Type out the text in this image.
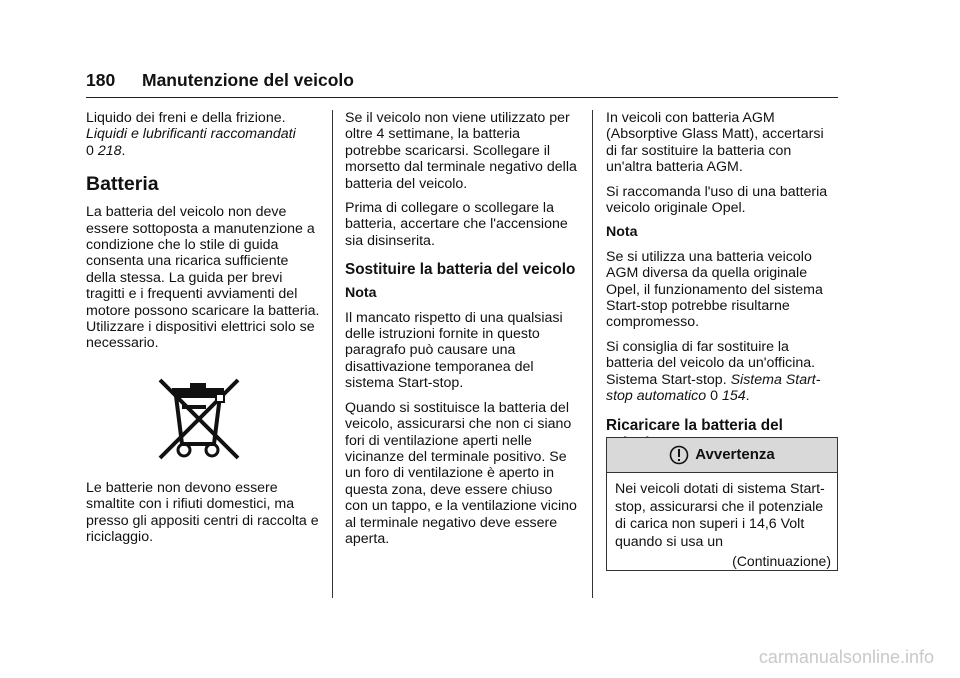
180 Manutenzione del veicolo

Liquido dei freni e della frizione.
Liquidi e lubrificanti raccomandati
0 218.

Batteria

La batteria del veicolo non deve essere sottoposta a manutenzione a condizione che lo stile di guida consenta una ricarica sufficiente della stessa. La guida per brevi tragitti e i frequenti avviamenti del motore possono scaricare la batteria. Utilizzare i dispositivi elettrici solo se necessario.

Le batterie non devono essere smaltite con i rifiuti domestici, ma presso gli appositi centri di raccolta e riciclaggio.

Se il veicolo non viene utilizzato per oltre 4 settimane, la batteria potrebbe scaricarsi. Scollegare il morsetto dal terminale negativo della batteria del veicolo.

Prima di collegare o scollegare la batteria, accertare che l'accensione sia disinserita.

Sostituire la batteria del veicolo

Nota

Il mancato rispetto di una qualsiasi delle istruzioni fornite in questo paragrafo può causare una disattivazione temporanea del sistema Start-stop.

Quando si sostituisce la batteria del veicolo, assicurarsi che non ci siano fori di ventilazione aperti nelle vicinanze del terminale positivo. Se un foro di ventilazione è aperto in questa zona, deve essere chiuso con un tappo, e la ventilazione vicino al terminale negativo deve essere aperta.

In veicoli con batteria AGM (Absorptive Glass Matt), accertarsi di far sostituire la batteria con un'altra batteria AGM.

Si raccomanda l'uso di una batteria veicolo originale Opel.

Nota

Se si utilizza una batteria veicolo AGM diversa da quella originale Opel, il funzionamento del sistema Start-stop potrebbe risultarne compromesso.

Si consiglia di far sostituire la batteria del veicolo da un'officina. Sistema Start-stop. Sistema Start-stop automatico 0 154.

Ricaricare la batteria del
Avvertenza
Nei veicoli dotati di sistema Start-stop, assicurarsi che il potenziale di carica non superi i 14,6 Volt quando si usa un
(Continuazione)
carmanualsonline.info
